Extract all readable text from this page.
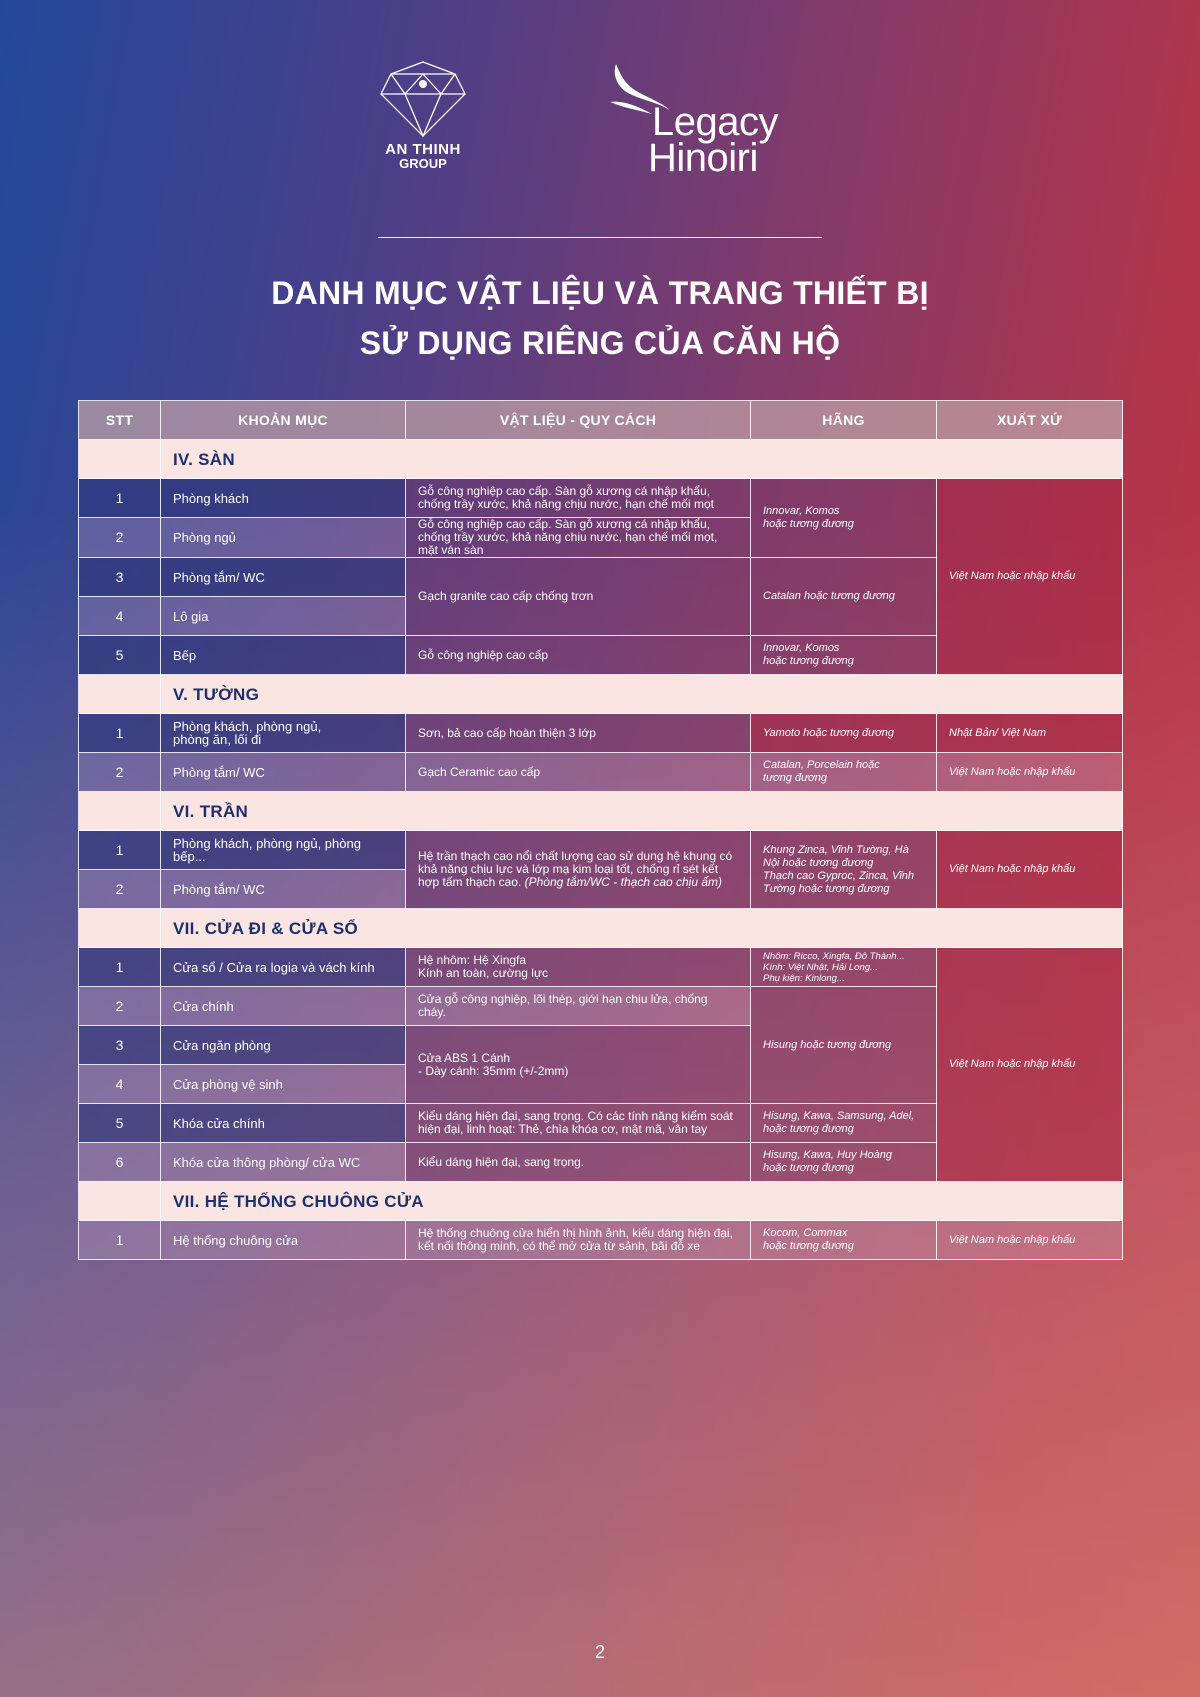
AN THINH
GROUP
Legacy
Hinoiri
DANH MỤC VẬT LIỆU VÀ TRANG THIẾT BỊ
SỬ DỤNG RIÊNG CỦA CĂN HỘ
STT	KHOẢN MỤC	VẬT LIỆU - QUY CÁCH	HÃNG	XUẤT XỨ
	IV. SÀN			
1	Phòng khách	Gỗ công nghiệp cao cấp. Sàn gỗ xương cá nhập khẩu, chống trầy xước, khả năng chịu nước, hạn chế mối mọt	Innovar, Komos
hoặc tương đương	Việt Nam hoặc nhập khẩu
2	Phòng ngủ	Gỗ công nghiệp cao cấp. Sàn gỗ xương cá nhập khẩu, chống trầy xước, khả năng chịu nước, hạn chế mối mọt, mặt ván sàn		
3	Phòng tắm/ WC	Gạch granite cao cấp chống trơn	Catalan hoặc tương đương	
4	Lô gia			
5	Bếp	Gỗ công nghiệp cao cấp	Innovar, Komos
hoặc tương đương	
	V. TƯỜNG			
1	Phòng khách, phòng ngủ,
phòng ăn, lối đi	Sơn, bả cao cấp hoàn thiện 3 lớp	Yamoto hoặc tương đương	Nhật Bản/ Việt Nam
2	Phòng tắm/ WC	Gạch Ceramic cao cấp	Catalan, Porcelain hoặc
tương đương	Việt Nam hoặc nhập khẩu
	VI. TRẦN			
1	Phòng khách, phòng ngủ, phòng bếp...	Hệ trần thạch cao nổi chất lượng cao sử dụng hệ khung có khả năng chịu lực và lớp mạ kim loại tốt, chống rỉ sét kết hợp tấm thạch cao. (Phòng tắm/WC - thạch cao chịu ẩm)	Khung Zinca, Vĩnh Tường, Hà Nội hoặc tương đương
Thạch cao Gyproc, Zinca, Vĩnh Tường hoặc tương đương	Việt Nam hoặc nhập khẩu
2	Phòng tắm/ WC			
	VII. CỬA ĐI & CỬA SỔ			
1	Cửa sổ / Cửa ra logia và vách kính	Hệ nhôm: Hệ Xingfa
Kính an toàn, cường lực	Nhôm: Ricco, Xingfa, Đô Thành...
Kính: Việt Nhật, Hải Long...
Phụ kiện: Kinlong...	Việt Nam hoặc nhập khẩu
2	Cửa chính	Cửa gỗ công nghiệp, lõi thép, giới hạn chịu lửa, chống cháy.	Hisung hoặc tương đương	
3	Cửa ngăn phòng	Cửa ABS 1 Cánh
- Dày cánh: 35mm (+/-2mm)		
4	Cửa phòng vệ sinh			
5	Khóa cửa chính	Kiểu dáng hiện đại, sang trọng. Có các tính năng kiểm soát hiện đại, linh hoạt: Thẻ, chìa khóa cơ, mật mã, vân tay	Hisung, Kawa, Samsung, Adel,
hoặc tương đương	
6	Khóa cửa thông phòng/ cửa WC	Kiểu dáng hiện đại, sang trọng.	Hisung, Kawa, Huy Hoàng
hoặc tương đương	
	VII. HỆ THỐNG CHUÔNG CỬA			
1	Hệ thống chuông cửa	Hệ thống chuông cửa hiển thị hình ảnh, kiểu dáng hiện đại, kết nối thông minh, có thể mở cửa từ sảnh, bãi đỗ xe	Kocom, Commax
hoặc tương đương	Việt Nam hoặc nhập khẩu
2
